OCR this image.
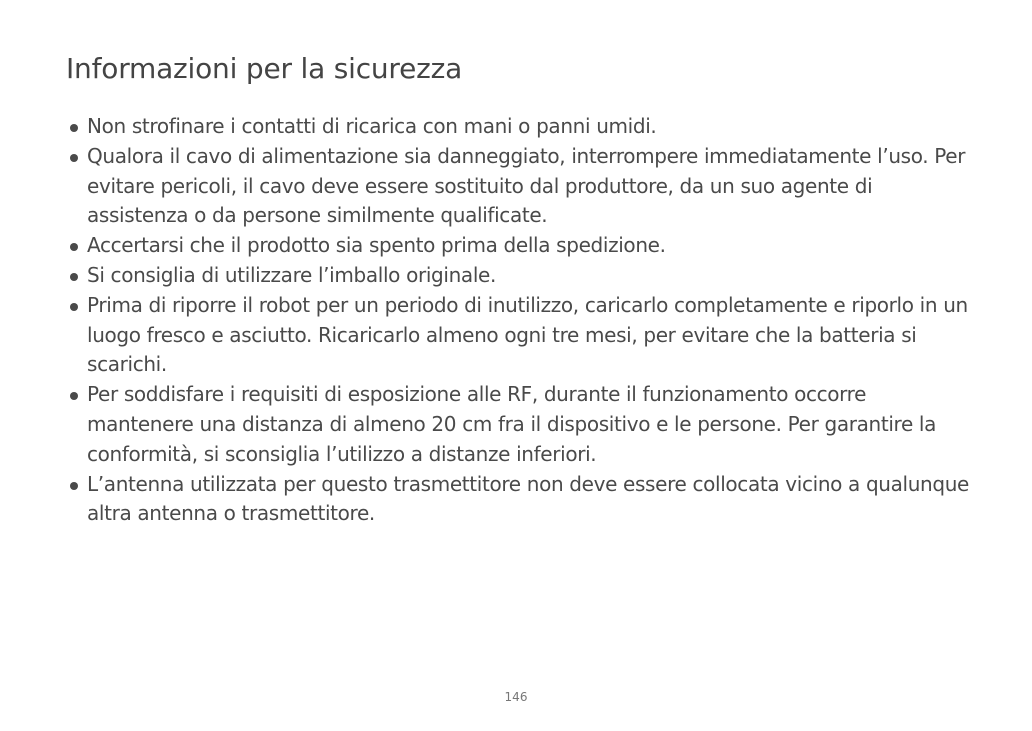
Informazioni per la sicurezza
Non strofinare i contatti di ricarica con mani o panni umidi.
Qualora il cavo di alimentazione sia danneggiato, interrompere immediatamente l’uso. Per evitare pericoli, il cavo deve essere sostituito dal produttore, da un suo agente di assistenza o da persone similmente qualificate.
Accertarsi che il prodotto sia spento prima della spedizione.
Si consiglia di utilizzare l’imballo originale.
Prima di riporre il robot per un periodo di inutilizzo, caricarlo completamente e riporlo in un luogo fresco e asciutto. Ricaricarlo almeno ogni tre mesi, per evitare che la batteria si scarichi.
Per soddisfare i requisiti di esposizione alle RF, durante il funzionamento occorre mantenere una distanza di almeno 20 cm fra il dispositivo e le persone. Per garantire la conformità, si sconsiglia l’utilizzo a distanze inferiori.
L’antenna utilizzata per questo trasmettitore non deve essere collocata vicino a qualunque altra antenna o trasmettitore.
146
